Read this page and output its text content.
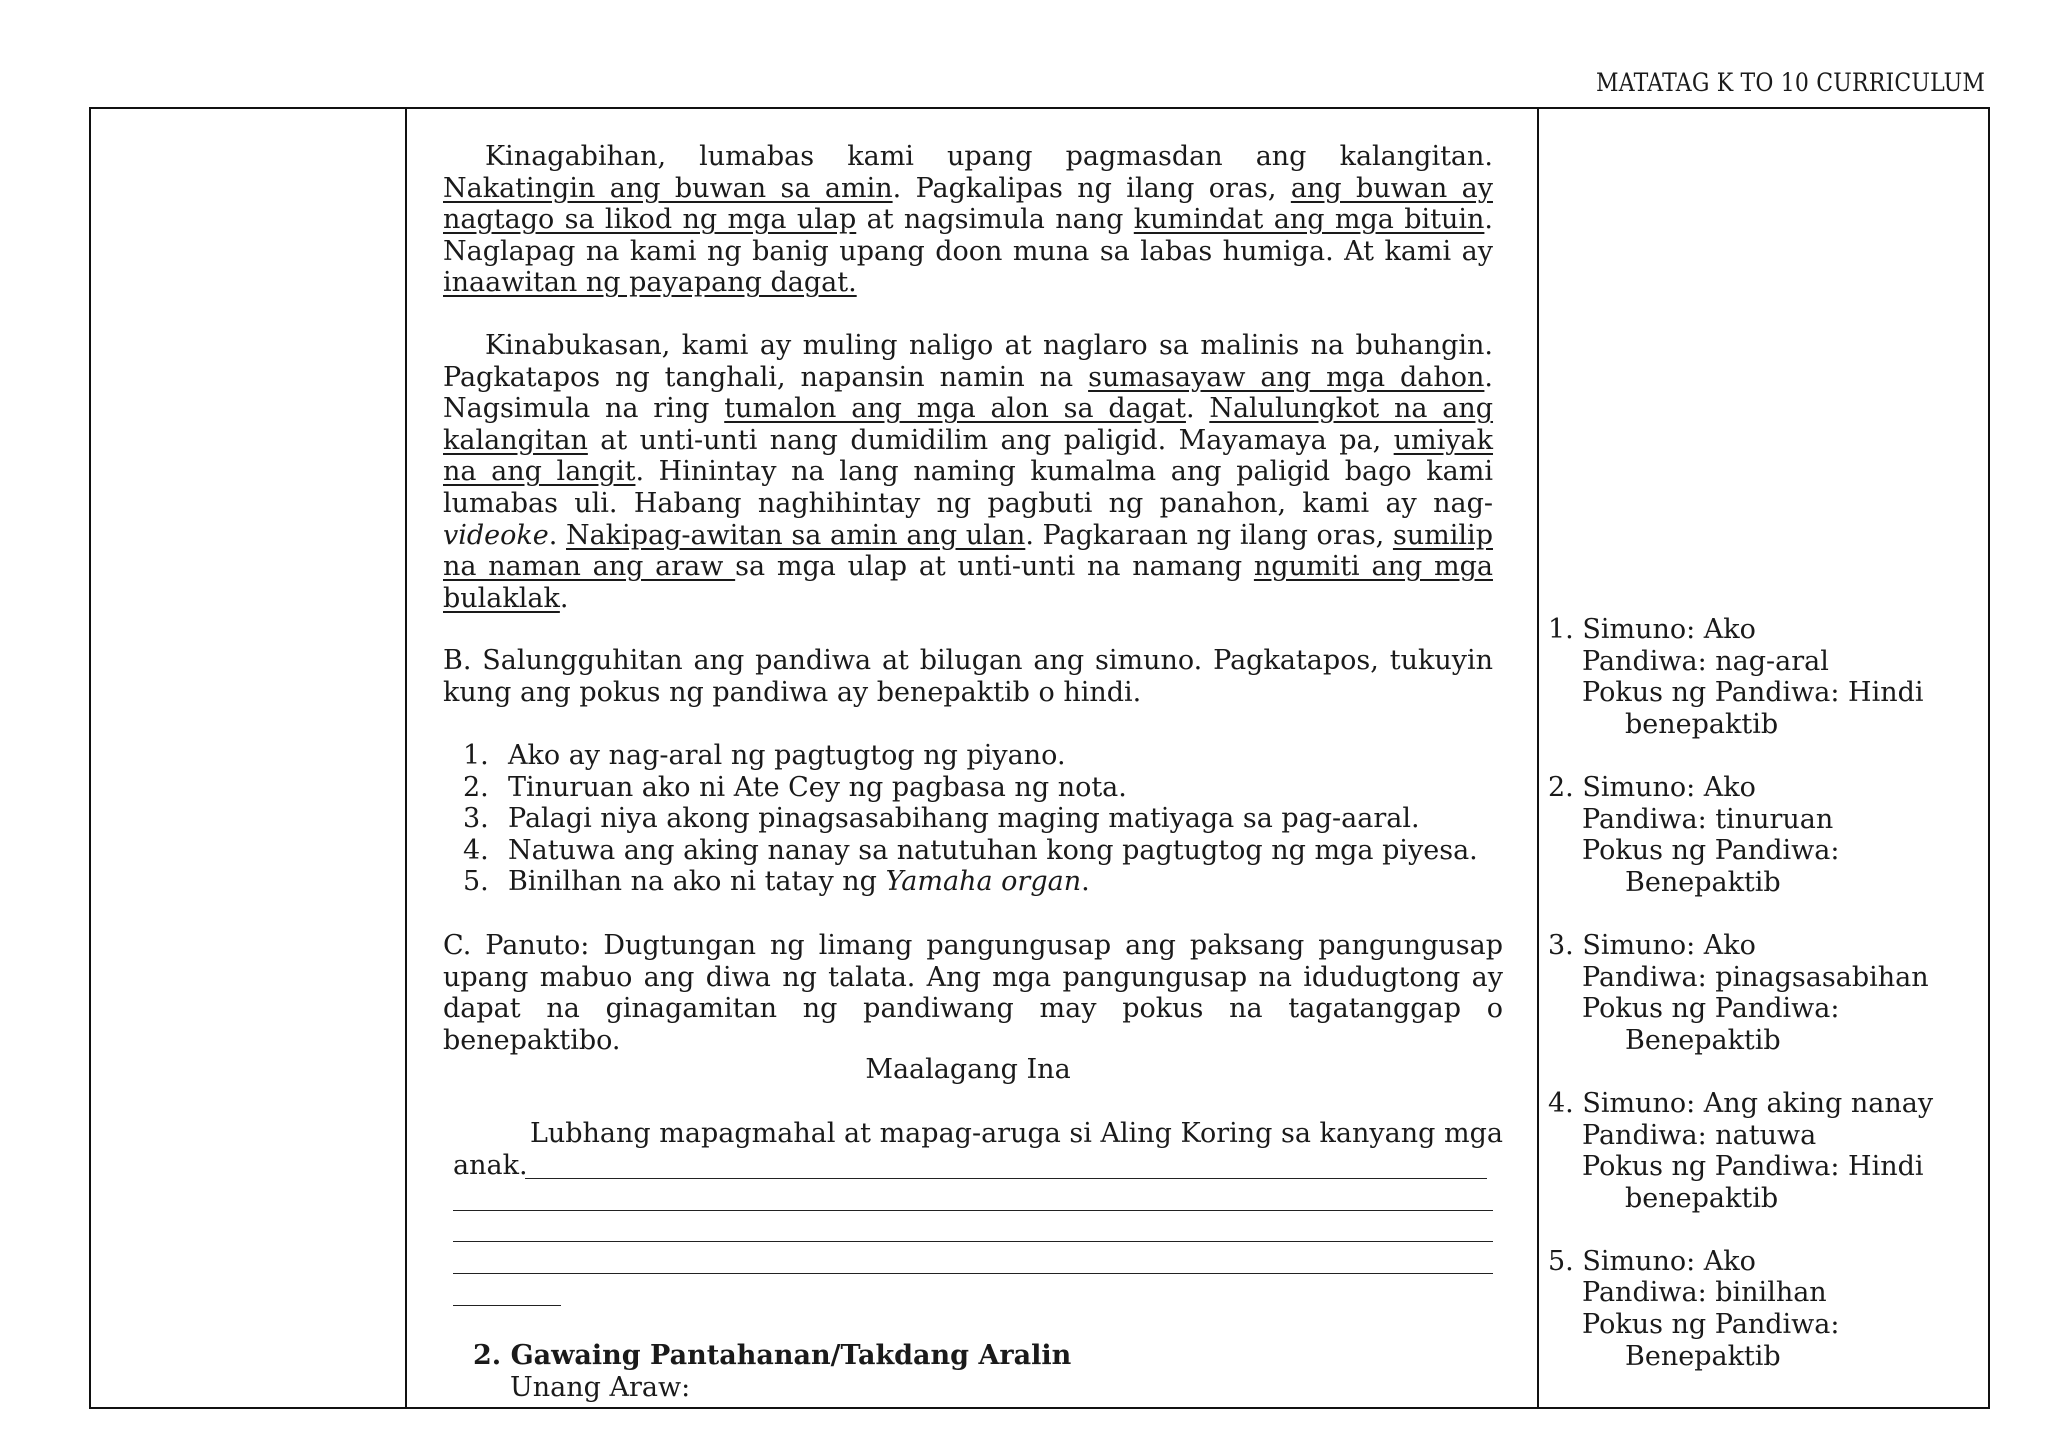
MATATAG K TO 10 CURRICULUM
Kinagabihan, lumabas kami upang pagmasdan ang kalangitan. Nakatingin ang buwan sa amin. Pagkalipas ng ilang oras, ang buwan ay nagtago sa likod ng mga ulap at nagsimula nang kumindat ang mga bituin. Naglapag na kami ng banig upang doon muna sa labas humiga. At kami ay inaawitan ng payapang dagat.
Kinabukasan, kami ay muling naligo at naglaro sa malinis na buhangin. Pagkatapos ng tanghali, napansin namin na sumasayaw ang mga dahon. Nagsimula na ring tumalon ang mga alon sa dagat. Nalulungkot na ang kalangitan at unti-unti nang dumidilim ang paligid. Mayamaya pa, umiyak na ang langit. Hinintay na lang naming kumalma ang paligid bago kami lumabas uli. Habang naghihintay ng pagbuti ng panahon, kami ay nag-videoke. Nakipag-awitan sa amin ang ulan. Pagkaraan ng ilang oras, sumilip na naman ang araw sa mga ulap at unti-unti na namang ngumiti ang mga bulaklak.
B. Salungguhitan ang pandiwa at bilugan ang simuno. Pagkatapos, tukuyin kung ang pokus ng pandiwa ay benepaktib o hindi.
1. Ako ay nag-aral ng pagtugtog ng piyano.
2. Tinuruan ako ni Ate Cey ng pagbasa ng nota.
3. Palagi niya akong pinagsasabihang maging matiyaga sa pag-aaral.
4. Natuwa ang aking nanay sa natutuhan kong pagtugtog ng mga piyesa.
5. Binilhan na ako ni tatay ng Yamaha organ.
C. Panuto: Dugtungan ng limang pangungusap ang paksang pangungusap upang mabuo ang diwa ng talata. Ang mga pangungusap na idudugtong ay dapat na ginagamitan ng pandiwang may pokus na tagatanggap o benepaktibo.
Maalagang Ina
Lubhang mapagmahal at mapag-aruga si Aling Koring sa kanyang mga
anak.
2. Gawaing Pantahanan/Takdang Aralin
Unang Araw:
1. Simuno: Ako
Pandiwa: nag-aral
Pokus ng Pandiwa: Hindi
benepaktib
2. Simuno: Ako
Pandiwa: tinuruan
Pokus ng Pandiwa:
Benepaktib
3. Simuno: Ako
Pandiwa: pinagsasabihan
Pokus ng Pandiwa:
Benepaktib
4. Simuno: Ang aking nanay
Pandiwa: natuwa
Pokus ng Pandiwa: Hindi
benepaktib
5. Simuno: Ako
Pandiwa: binilhan
Pokus ng Pandiwa:
Benepaktib
